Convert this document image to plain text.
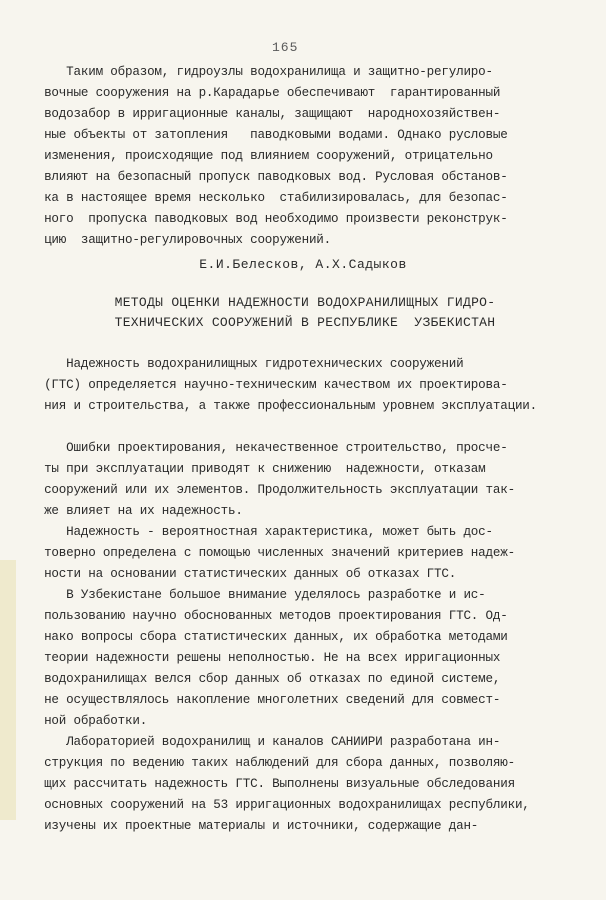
165
Таким образом, гидроузлы водохранилища и защитно-регулиро-
вочные сооружения на р.Карадарье обеспечивают  гарантированный
водозабор в ирригационные каналы, защищают  народнохозяйствен-
ные объекты от затопления   паводковыми водами. Однако русловые
изменения, происходящие под влиянием сооружений, отрицательно
влияют на безопасный пропуск паводковых вод. Русловая обстанов-
ка в настоящее время несколько  стабилизировалась, для безопас-
ного  пропуска паводковых вод необходимо произвести реконструк-
цию  защитно-регулировочных сооружений.
Е.И.Белесков, А.Х.Садыков
МЕТОДЫ ОЦЕНКИ НАДЕЖНОСТИ ВОДОХРАНИЛИЩНЫХ ГИДРО-
ТЕХНИЧЕСКИХ СООРУЖЕНИЙ В РЕСПУБЛИКЕ  УЗБЕКИСТАН
Надежность водохранилищных гидротехнических сооружений
(ГТС) определяется научно-техническим качеством их проектирова-
ния и строительства, а также профессиональным уровнем эксплуатации.
Ошибки проектирования, некачественное строительство, просче-
ты при эксплуатации приводят к снижению  надежности, отказам
сооружений или их элементов. Продолжительность эксплуатации так-
же влияет на их надежность.
Надежность - вероятностная характеристика, может быть дос-
товерно определена с помощью численных значений критериев надеж-
ности на основании статистических данных об отказах ГТС.
В Узбекистане большое внимание уделялось разработке и ис-
пользованию научно обоснованных методов проектирования ГТС. Од-
нако вопросы сбора статистических данных, их обработка методами
теории надежности решены неполностью. Не на всех ирригационных
водохранилищах велся сбор данных об отказах по единой системе,
не осуществлялось накопление многолетних сведений для совмест-
ной обработки.
Лабораторией водохранилищ и каналов САНИИРИ разработана ин-
струкция по ведению таких наблюдений для сбора данных, позволяю-
щих рассчитать надежность ГТС. Выполнены визуальные обследования
основных сооружений на 53 ирригационных водохранилищах республики,
изучены их проектные материалы и источники, содержащие дан-
